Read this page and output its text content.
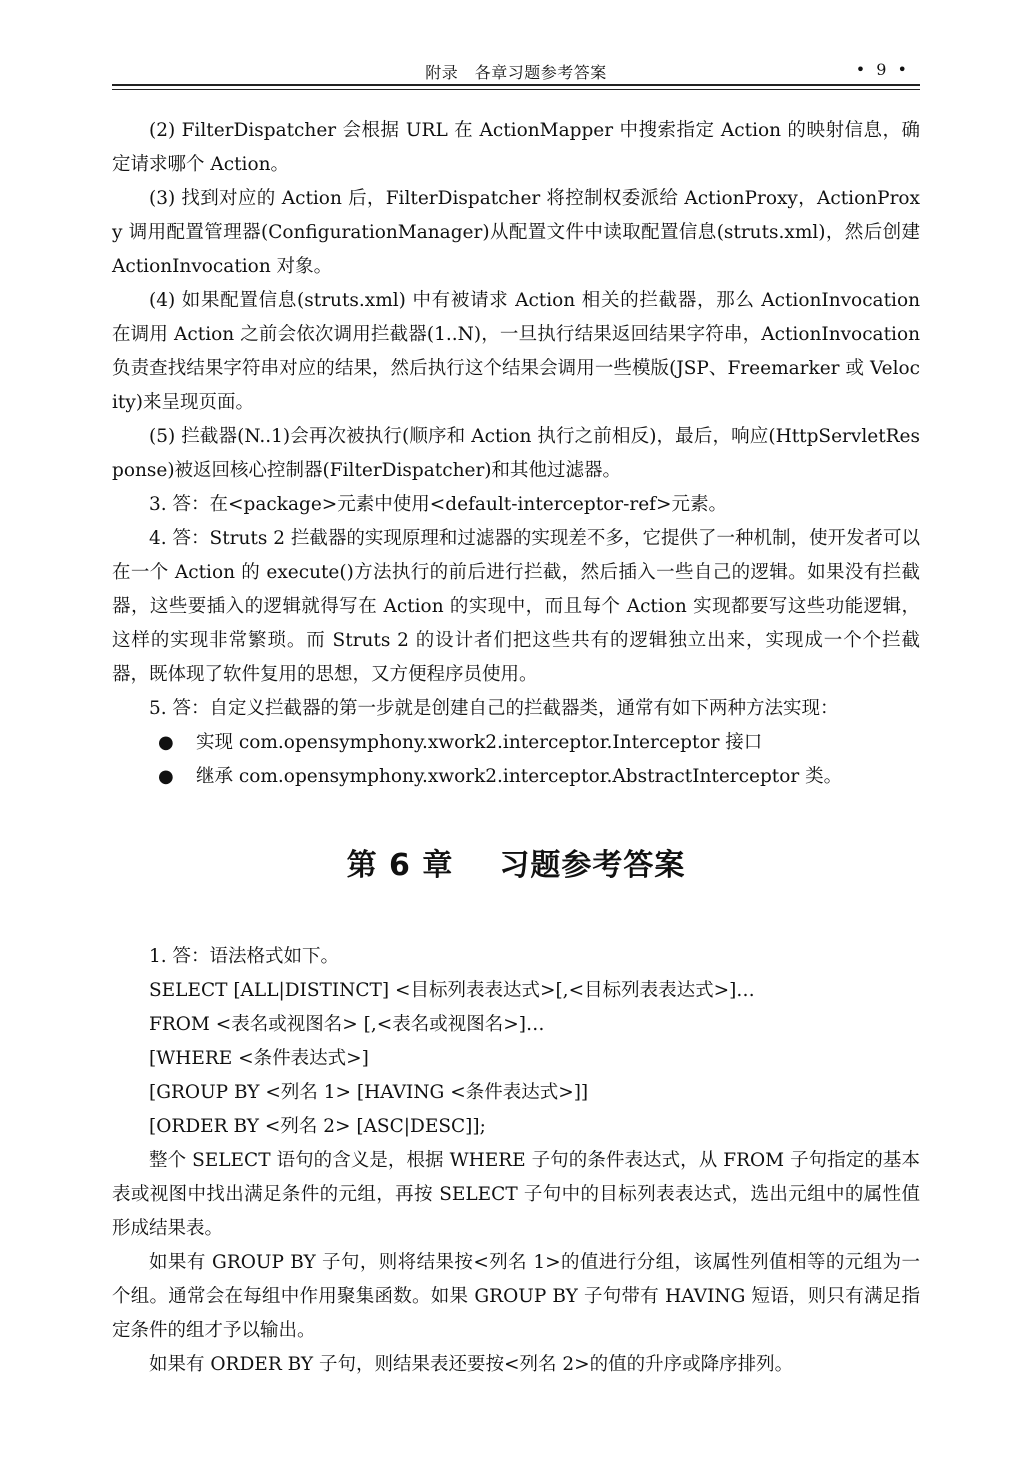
附录　各章习题参考答案	• 9 •

(2) FilterDispatcher 会根据 URL 在 ActionMapper 中搜索指定 Action 的映射信息，确定请求哪个 Action。

(3) 找到对应的 Action 后，FilterDispatcher 将控制权委派给 ActionProxy，ActionProxy 调用配置管理器(ConfigurationManager)从配置文件中读取配置信息(struts.xml)，然后创建 ActionInvocation 对象。

(4) 如果配置信息(struts.xml) 中有被请求 Action 相关的拦截器，那么 ActionInvocation 在调用 Action 之前会依次调用拦截器(1..N)，一旦执行结果返回结果字符串，ActionInvocation 负责查找结果字符串对应的结果，然后执行这个结果会调用一些模版(JSP、Freemarker 或 Velocity)来呈现页面。

(5) 拦截器(N..1)会再次被执行(顺序和 Action 执行之前相反)，最后，响应(HttpServletResponse)被返回核心控制器(FilterDispatcher)和其他过滤器。

3. 答：在<package>元素中使用<default-interceptor-ref>元素。

4. 答：Struts 2 拦截器的实现原理和过滤器的实现差不多，它提供了一种机制，使开发者可以在一个 Action 的 execute()方法执行的前后进行拦截，然后插入一些自己的逻辑。如果没有拦截器，这些要插入的逻辑就得写在 Action 的实现中，而且每个 Action 实现都要写这些功能逻辑，这样的实现非常繁琐。而 Struts 2 的设计者们把这些共有的逻辑独立出来，实现成一个个拦截器，既体现了软件复用的思想，又方便程序员使用。

5. 答：自定义拦截器的第一步就是创建自己的拦截器类，通常有如下两种方法实现：

● 实现 com.opensymphony.xwork2.interceptor.Interceptor 接口

● 继承 com.opensymphony.xwork2.interceptor.AbstractInterceptor 类。

第 6 章 习题参考答案

1. 答：语法格式如下。

SELECT [ALL|DISTINCT] <目标列表表达式>[,<目标列表表达式>]…

FROM <表名或视图名> [,<表名或视图名>]…

[WHERE <条件表达式>]

[GROUP BY <列名 1> [HAVING <条件表达式>]]

[ORDER BY <列名 2> [ASC|DESC]];

整个 SELECT 语句的含义是，根据 WHERE 子句的条件表达式，从 FROM 子句指定的基本表或视图中找出满足条件的元组，再按 SELECT 子句中的目标列表表达式，选出元组中的属性值形成结果表。

如果有 GROUP BY 子句，则将结果按<列名 1>的值进行分组，该属性列值相等的元组为一个组。通常会在每组中作用聚集函数。如果 GROUP BY 子句带有 HAVING 短语，则只有满足指定条件的组才予以输出。

如果有 ORDER BY 子句，则结果表还要按<列名 2>的值的升序或降序排列。
